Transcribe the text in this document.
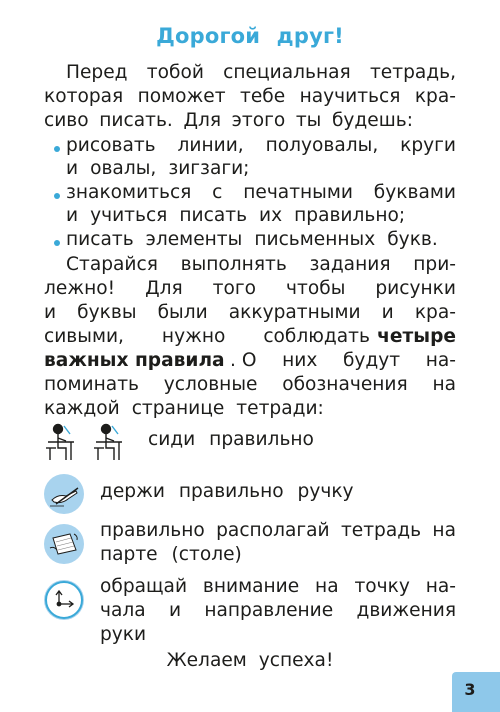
Дорогой друг!
Перед тобой специальная тетрадь,
которая поможет тебе научиться кра-
сиво писать. Для этого ты будешь:
рисовать линии, полуовалы, круги
и овалы, зигзаги;
знакомиться с печатными буквами
и учиться писать их правильно;
писать элементы письменных букв.
Старайся выполнять задания при-
лежно! Для того чтобы рисунки
и буквы были аккуратными и кра-
сивыми, нужно соблюдать четыре
важных правила . О них будут на-
поминать условные обозначения на
каждой странице тетради:
сиди правильно
держи правильно ручку
правильно располагай тетрадь на
парте (столе)
обращай внимание на точку на-
чала и направление движения
руки
Желаем успеха!
3
